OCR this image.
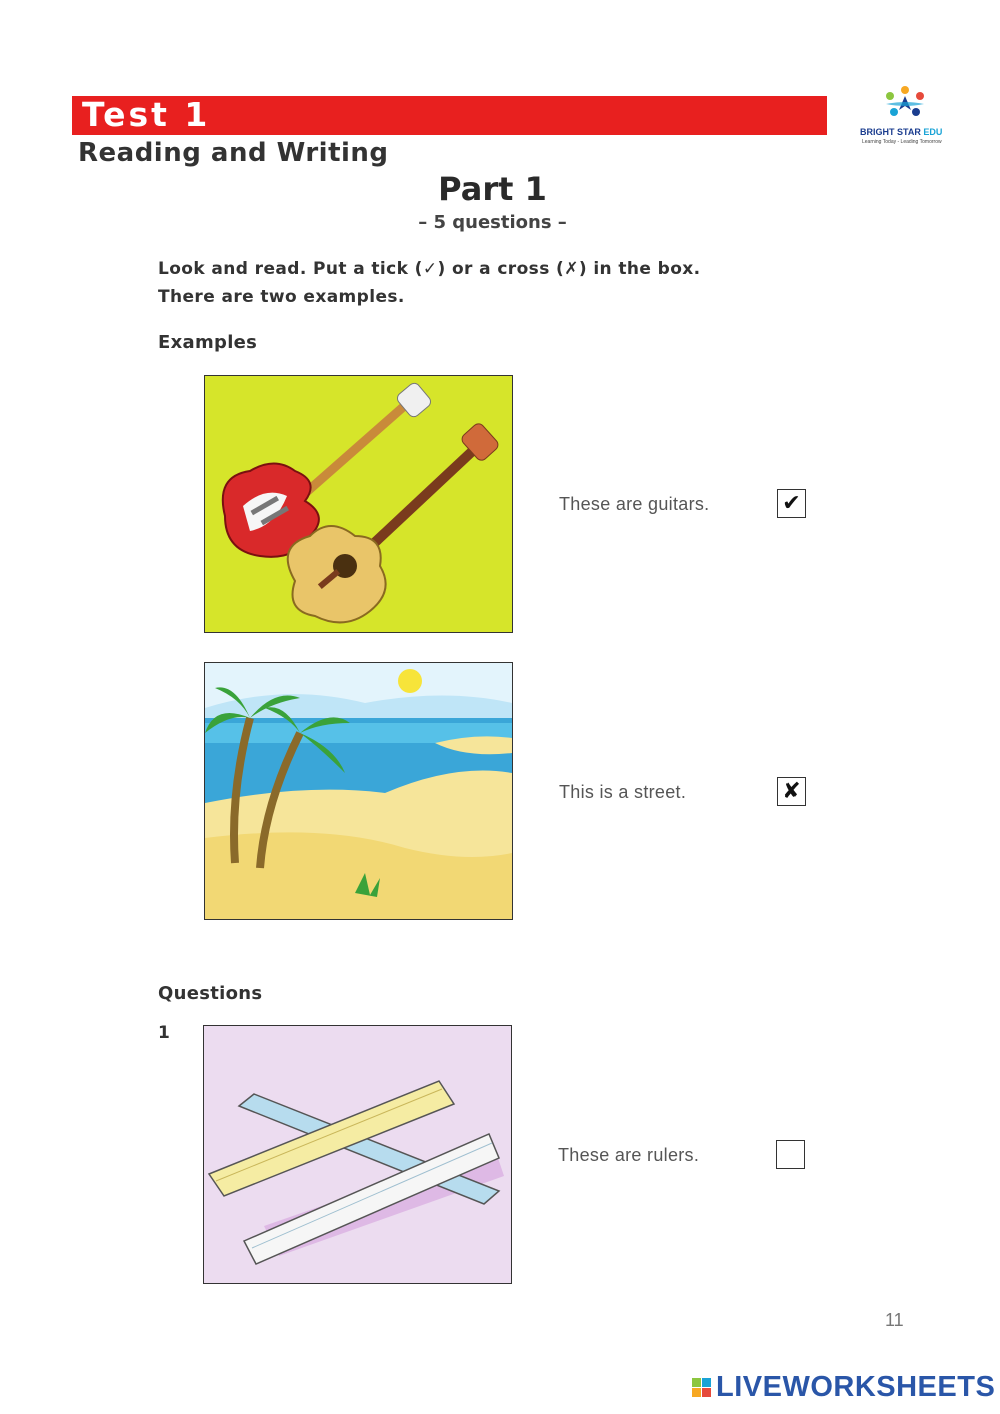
Test 1
Reading and Writing
BRIGHT STAR EDU
Learning Today - Leading Tomorrow
Part 1
– 5 questions –
Look and read. Put a tick (✓) or a cross (✗) in the box.
There are two examples.
Examples
These are guitars.	✔
This is a street.	✘
Questions
1
These are rulers.
11
LIVEWORKSHEETS
